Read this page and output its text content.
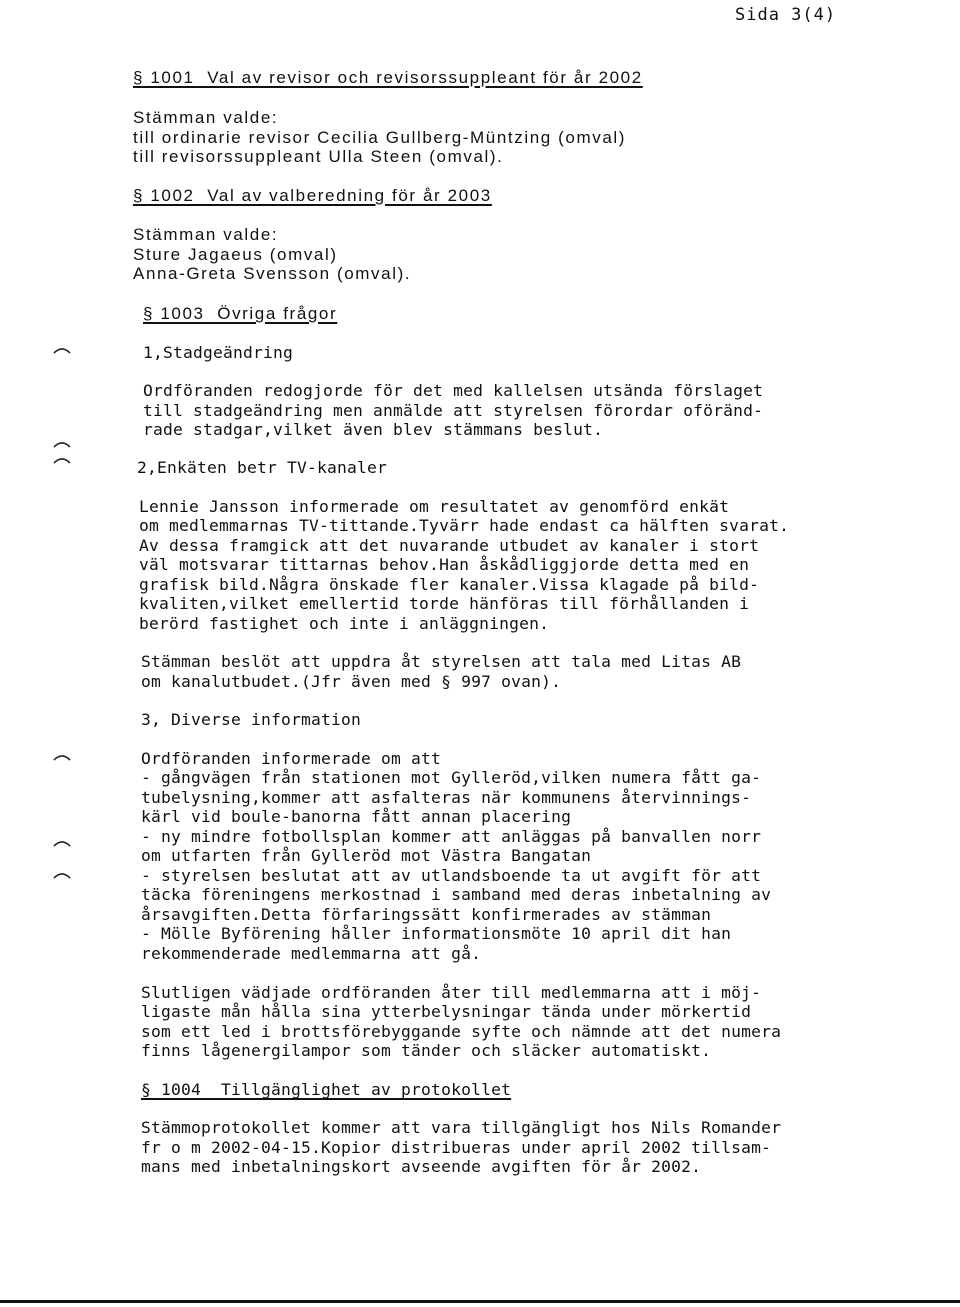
Sida 3(4)
§ 1001  Val av revisor och revisorssuppleant för år 2002
Stämman valde:
till ordinarie revisor Cecilia Gullberg-Müntzing (omval)
till revisorssuppleant Ulla Steen (omval).
§ 1002  Val av valberedning för år 2003
Stämman valde:
Sture Jagaeus (omval)
Anna-Greta Svensson (omval).
§ 1003  Övriga frågor
1,Stadgeändring
Ordföranden redogjorde för det med kallelsen utsända förslaget
till stadgeändring men anmälde att styrelsen förordar oföränd-
rade stadgar,vilket även blev stämmans beslut.
2,Enkäten betr TV-kanaler
Lennie Jansson informerade om resultatet av genomförd enkät
om medlemmarnas TV-tittande.Tyvärr hade endast ca hälften svarat.
Av dessa framgick att det nuvarande utbudet av kanaler i stort
väl motsvarar tittarnas behov.Han åskådliggjorde detta med en
grafisk bild.Några önskade fler kanaler.Vissa klagade på bild-
kvaliten,vilket emellertid torde hänföras till förhållanden i
berörd fastighet och inte i anläggningen.
Stämman beslöt att uppdra åt styrelsen att tala med Litas AB
om kanalutbudet.(Jfr även med § 997 ovan).
3, Diverse information
Ordföranden informerade om att
- gångvägen från stationen mot Gylleröd,vilken numera fått ga-
tubelysning,kommer att asfalteras när kommunens återvinnings-
kärl vid boule-banorna fått annan placering
- ny mindre fotbollsplan kommer att anläggas på banvallen norr
om utfarten från Gylleröd mot Västra Bangatan
- styrelsen beslutat att av utlandsboende ta ut avgift för att
täcka föreningens merkostnad i samband med deras inbetalning av
årsavgiften.Detta förfaringssätt konfirmerades av stämman
- Mölle Byförening håller informationsmöte 10 april dit han
rekommenderade medlemmarna att gå.
Slutligen vädjade ordföranden åter till medlemmarna att i möj-
ligaste mån hålla sina ytterbelysningar tända under mörkertid
som ett led i brottsförebyggande syfte och nämnde att det numera
finns lågenergilampor som tänder och släcker automatiskt.
§ 1004  Tillgänglighet av protokollet
Stämmoprotokollet kommer att vara tillgängligt hos Nils Romander
fr o m 2002-04-15.Kopior distribueras under april 2002 tillsam-
mans med inbetalningskort avseende avgiften för år 2002.
